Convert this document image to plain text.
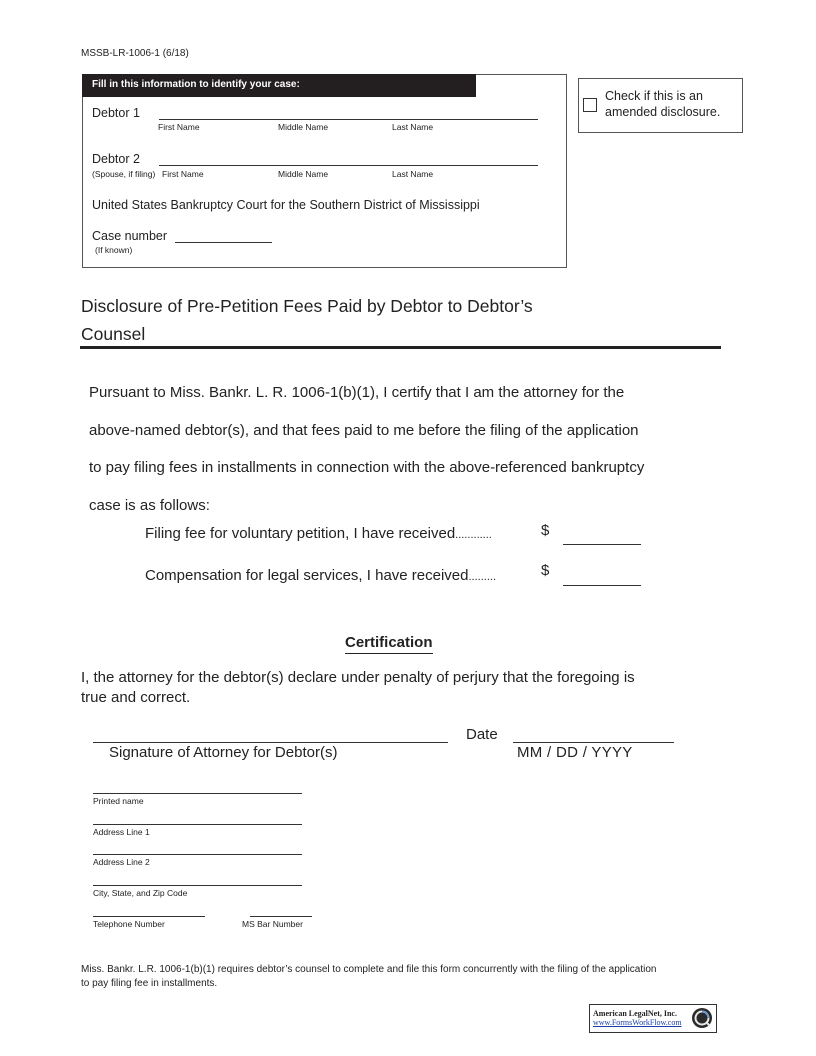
MSSB-LR-1006-1 (6/18)
Fill in this information to identify your case:
Debtor 1
First Name	Middle Name	Last Name
Debtor 2
(Spouse, if filing) First Name	Middle Name	Last Name
United States Bankruptcy Court for the Southern District of Mississippi
Case number
(If known)
Check if this is an
amended disclosure.
Disclosure of Pre-Petition Fees Paid by Debtor to Debtor’s
Counsel
Pursuant to Miss. Bankr. L. R. 1006-1(b)(1), I certify that I am the attorney for the
above-named debtor(s), and that fees paid to me before the filing of the application
to pay filing fees in installments in connection with the above-referenced bankruptcy
case is as follows:
Filing fee for voluntary petition, I have received............	$
Compensation for legal services, I have received.........	$
Certification
I, the attorney for the debtor(s) declare under penalty of perjury that the foregoing is
true and correct.
Signature of Attorney for Debtor(s)
Date
MM / DD / YYYY
Printed name
Address Line 1
Address Line 2
City, State, and Zip Code
Telephone Number	MS Bar Number
Miss. Bankr. L.R. 1006-1(b)(1) requires debtor’s counsel to complete and file this form concurrently with the filing of the application
to pay filing fee in installments.
American LegalNet, Inc.
www.FormsWorkFlow.com
